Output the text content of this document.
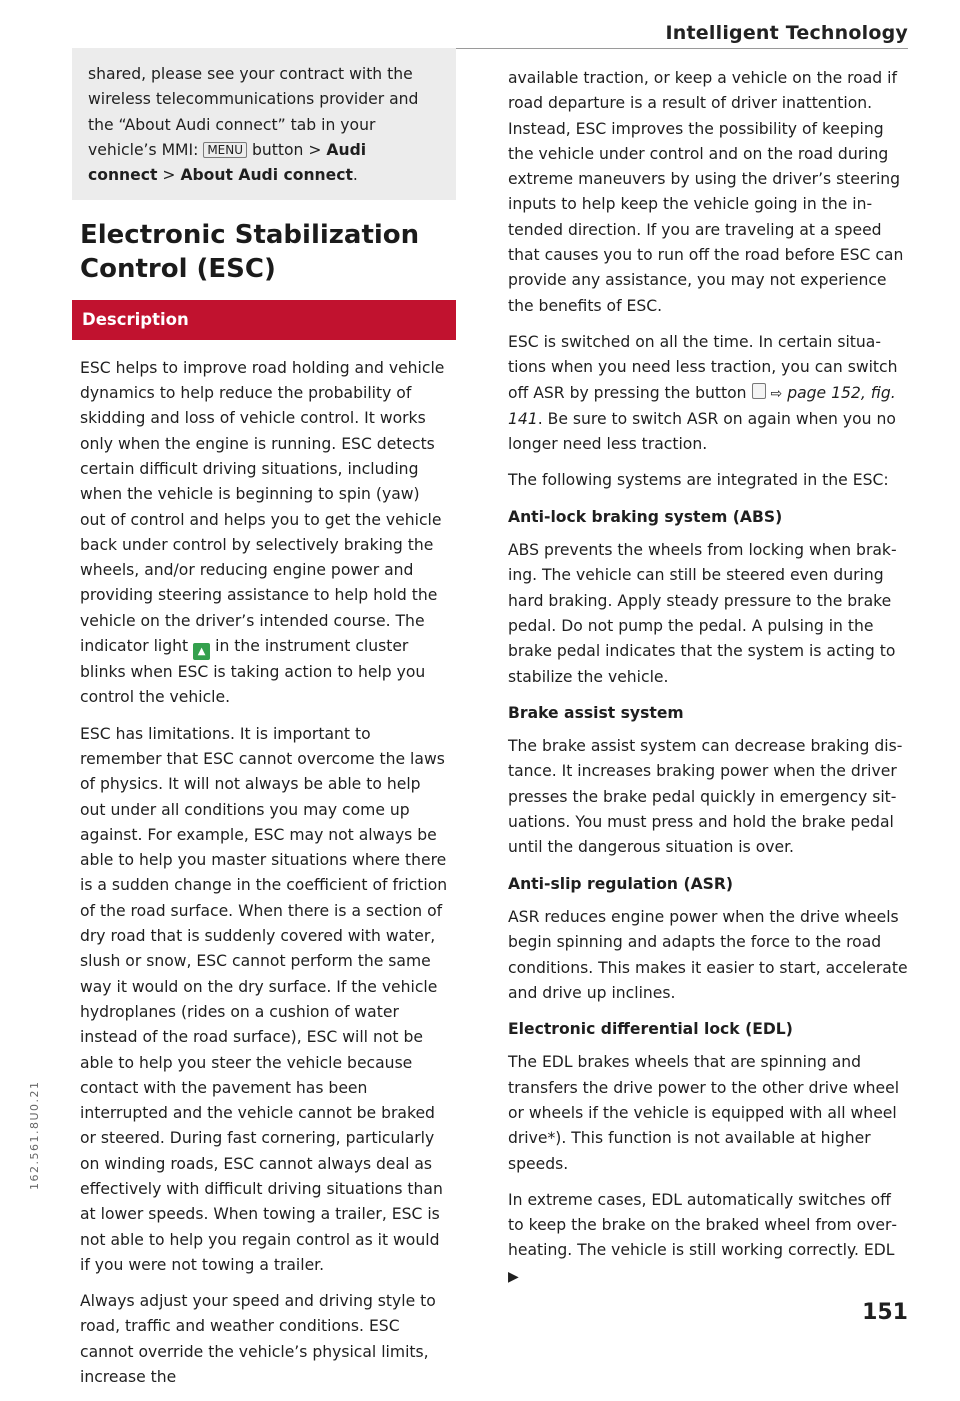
Intelligent Technology

shared, please see your contract with the wireless telecommunications provider and the “About Audi connect” tab in your vehicle’s MMI: MENU button > Audi connect > About Audi connect.

Electronic Stabilization Control (ESC)
Description

ESC helps to improve road holding and vehicle dynamics to help reduce the probability of skidding and loss of vehicle control. It works only when the engine is running. ESC detects certain difficult driving situations, including when the vehicle is beginning to spin (yaw) out of control and helps you to get the vehicle back under control by selectively braking the wheels, and/or reducing engine power and providing steering assistance to help hold the vehicle on the driver’s intended course. The indicator light ▲ in the instrument cluster blinks when ESC is taking action to help you control the vehicle.

ESC has limitations. It is important to remember that ESC cannot overcome the laws of physics. It will not always be able to help out under all conditions you may come up against. For example, ESC may not always be able to help you master situations where there is a sudden change in the coefficient of friction of the road surface. When there is a section of dry road that is suddenly covered with water, slush or snow, ESC cannot perform the same way it would on the dry surface. If the vehicle hydroplanes (rides on a cushion of water instead of the road surface), ESC will not be able to help you steer the vehicle because contact with the pavement has been interrupted and the vehicle cannot be braked or steered. During fast cornering, particularly on winding roads, ESC cannot always deal as effectively with difficult driving situations than at lower speeds. When towing a trailer, ESC is not able to help you regain control as it would if you were not towing a trailer.

Always adjust your speed and driving style to road, traffic and weather conditions. ESC cannot override the vehicle’s physical limits, increase the

available traction, or keep a vehicle on the road if road departure is a result of driver inattention. Instead, ESC improves the possibility of keeping the vehicle under control and on the road during extreme maneuvers by using the driver’s steering inputs to help keep the vehicle going in the intended direction. If you are traveling at a speed that causes you to run off the road before ESC can provide any assistance, you may not experience the benefits of ESC.

ESC is switched on all the time. In certain situations when you need less traction, you can switch off ASR by pressing the button ⇨ page 152, fig. 141. Be sure to switch ASR on again when you no longer need less traction.

The following systems are integrated in the ESC:

Anti-lock braking system (ABS)

ABS prevents the wheels from locking when braking. The vehicle can still be steered even during hard braking. Apply steady pressure to the brake pedal. Do not pump the pedal. A pulsing in the brake pedal indicates that the system is acting to stabilize the vehicle.

Brake assist system

The brake assist system can decrease braking distance. It increases braking power when the driver presses the brake pedal quickly in emergency situations. You must press and hold the brake pedal until the dangerous situation is over.

Anti-slip regulation (ASR)

ASR reduces engine power when the drive wheels begin spinning and adapts the force to the road conditions. This makes it easier to start, accelerate and drive up inclines.

Electronic differential lock (EDL)

The EDL brakes wheels that are spinning and transfers the drive power to the other drive wheel or wheels if the vehicle is equipped with all wheel drive*). This function is not available at higher speeds.

In extreme cases, EDL automatically switches off to keep the brake on the braked wheel from overheating. The vehicle is still working correctly. EDL ▶

151
162.561.8U0.21
